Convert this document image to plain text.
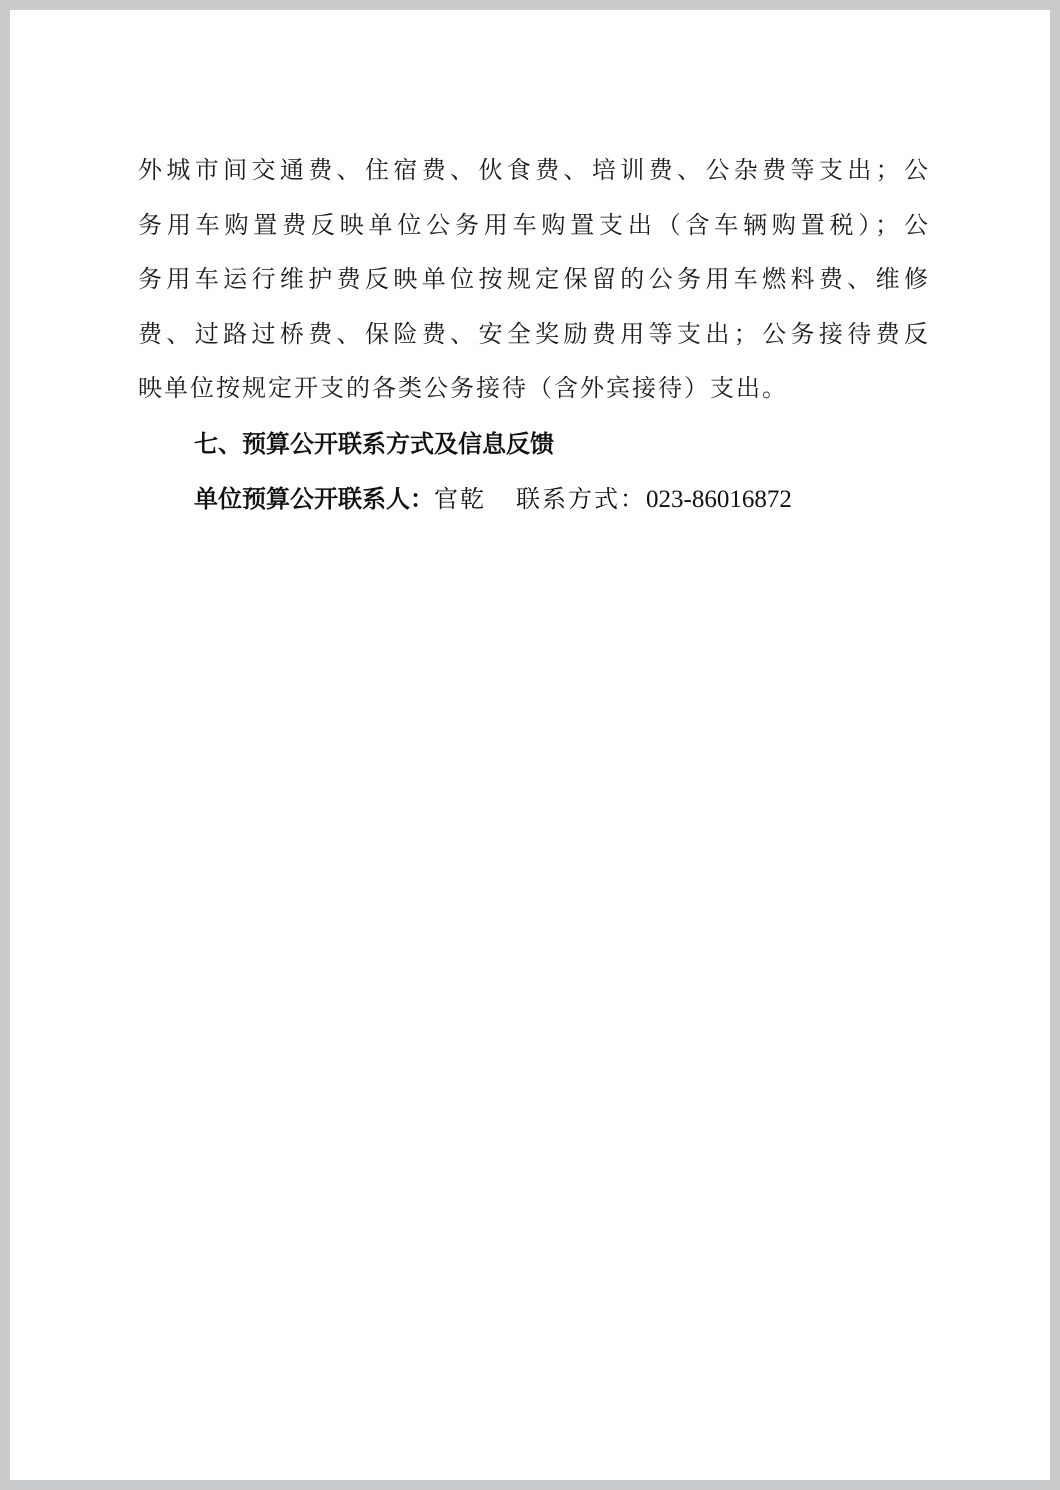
外城市间交通费、住宿费、伙食费、培训费、公杂费等支出；公
务用车购置费反映单位公务用车购置支出（含车辆购置税）；公
务用车运行维护费反映单位按规定保留的公务用车燃料费、维修
费、过路过桥费、保险费、安全奖励费用等支出；公务接待费反
映单位按规定开支的各类公务接待（含外宾接待）支出。
七、预算公开联系方式及信息反馈
单位预算公开联系人：官乾 联系方式：023-86016872
